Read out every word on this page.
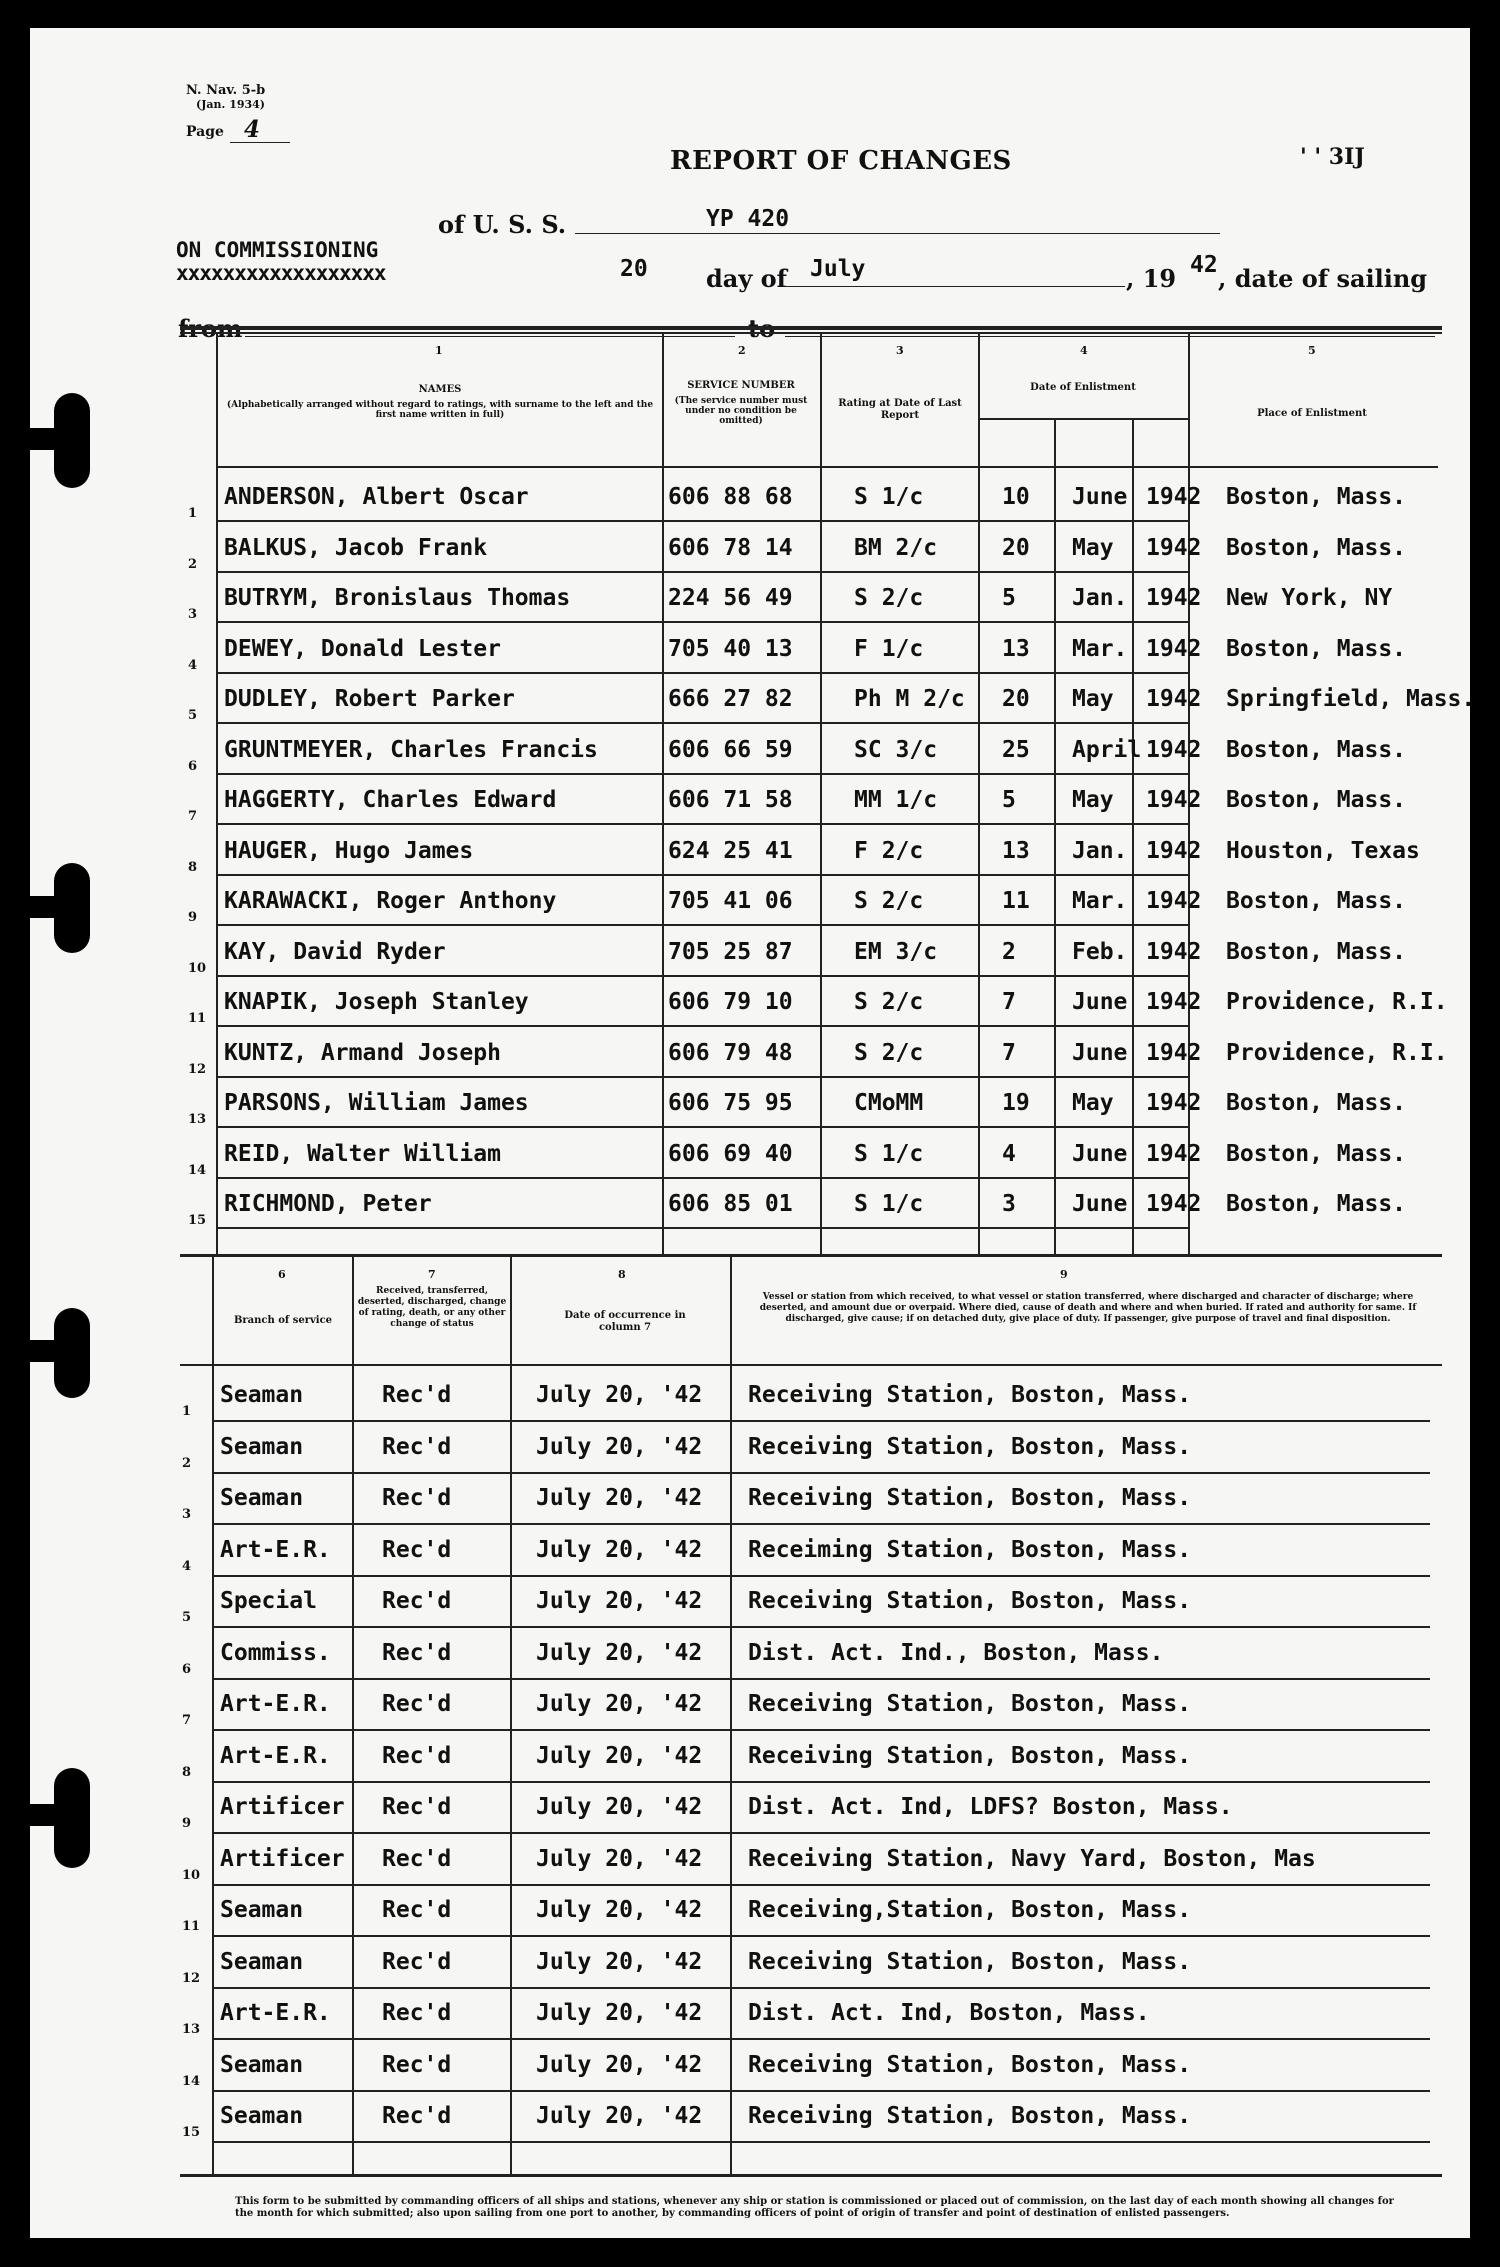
N. Nav. 5-b
(Jan. 1934)
Page 4
' ' 3IJ
REPORT OF CHANGES
of U. S. S.	YP 420
ON COMMISSIONING
xxxxxxxxxxxxxxxxxx	20 day of July	, 19 42 , date of sailing
from	to
1
NAMES
(Alphabetically arranged without regard to ratings, with surname to the left and the first name written in full)
2
SERVICE NUMBER
(The service number must under no condition be omitted)
3
Rating at Date of Last Report
4
Date of Enlistment
5
Place of Enlistment
1
ANDERSON, Albert Oscar	606 88 68	S 1/c	10 June 1942 Boston, Mass.
2
BALKUS, Jacob Frank	606 78 14	BM 2/c	20 May 1942 Boston, Mass.
3
BUTRYM, Bronislaus Thomas	224 56 49	S 2/c	5 Jan. 1942 New York, NY
4
DEWEY, Donald Lester	705 40 13	F 1/c	13 Mar. 1942 Boston, Mass.
5
DUDLEY, Robert Parker	666 27 82	Ph M 2/c 20 May 1942 Springfield, Mass.
6
GRUNTMEYER, Charles Francis	606 66 59	SC 3/c	25 April 1942 Boston, Mass.
7
HAGGERTY, Charles Edward	606 71 58	MM 1/c	5 May 1942 Boston, Mass.
8
HAUGER, Hugo James	624 25 41	F 2/c	13 Jan. 1942 Houston, Texas
9
KARAWACKI, Roger Anthony	705 41 06	S 2/c	11 Mar. 1942 Boston, Mass.
10
KAY, David Ryder	705 25 87	EM 3/c	2 Feb. 1942 Boston, Mass.
11
KNAPIK, Joseph Stanley	606 79 10	S 2/c	7 June 1942 Providence, R.I.
12
KUNTZ, Armand Joseph	606 79 48	S 2/c	7 June 1942 Providence, R.I.
13
PARSONS, William James	606 75 95	CMoMM	19 May 1942 Boston, Mass.
14
REID, Walter William	606 69 40	S 1/c	4 June 1942 Boston, Mass.
15
RICHMOND, Peter	606 85 01	S 1/c	3 June 1942 Boston, Mass.
6
Branch of service
7
Received, transferred, deserted, discharged, change of rating, death, or any other change of status
8
Date of occurrence in column 7
9
Vessel or station from which received, to what vessel or station transferred, where discharged and character of discharge; where deserted, and amount due or overpaid. Where died, cause of death and where and when buried. If rated and authority for same. If discharged, give cause; if on detached duty, give place of duty. If passenger, give purpose of travel and final disposition.
1
Seaman	Rec'd	July 20, '42 Receiving Station, Boston, Mass.
2
Seaman	Rec'd	July 20, '42 Receiving Station, Boston, Mass.
3
Seaman	Rec'd	July 20, '42 Receiving Station, Boston, Mass.
4
Art-E.R. Rec'd	July 20, '42 Receiming Station, Boston, Mass.
5
Special	Rec'd	July 20, '42 Receiving Station, Boston, Mass.
6
Commiss. Rec'd	July 20, '42 Dist. Act. Ind., Boston, Mass.
7
Art-E.R. Rec'd	July 20, '42 Receiving Station, Boston, Mass.
8
Art-E.R. Rec'd	July 20, '42 Receiving Station, Boston, Mass.
9
Artificer Rec'd	July 20, '42 Dist. Act. Ind, LDFS? Boston, Mass.
10
Artificer Rec'd	July 20, '42 Receiving Station, Navy Yard, Boston, Mas
11
Seaman	Rec'd	July 20, '42 Receiving,Station, Boston, Mass.
12
Seaman	Rec'd	July 20, '42 Receiving Station, Boston, Mass.
13
Art-E.R. Rec'd	July 20, '42 Dist. Act. Ind, Boston, Mass.
14
Seaman	Rec'd	July 20, '42 Receiving Station, Boston, Mass.
15
Seaman	Rec'd	July 20, '42 Receiving Station, Boston, Mass.
This form to be submitted by commanding officers of all ships and stations, whenever any ship or station is commissioned or placed out of commission, on the last day of each month showing all changes for the month for which submitted; also upon sailing from one port to another, by commanding officers of point of origin of transfer and point of destination of enlisted passengers.
